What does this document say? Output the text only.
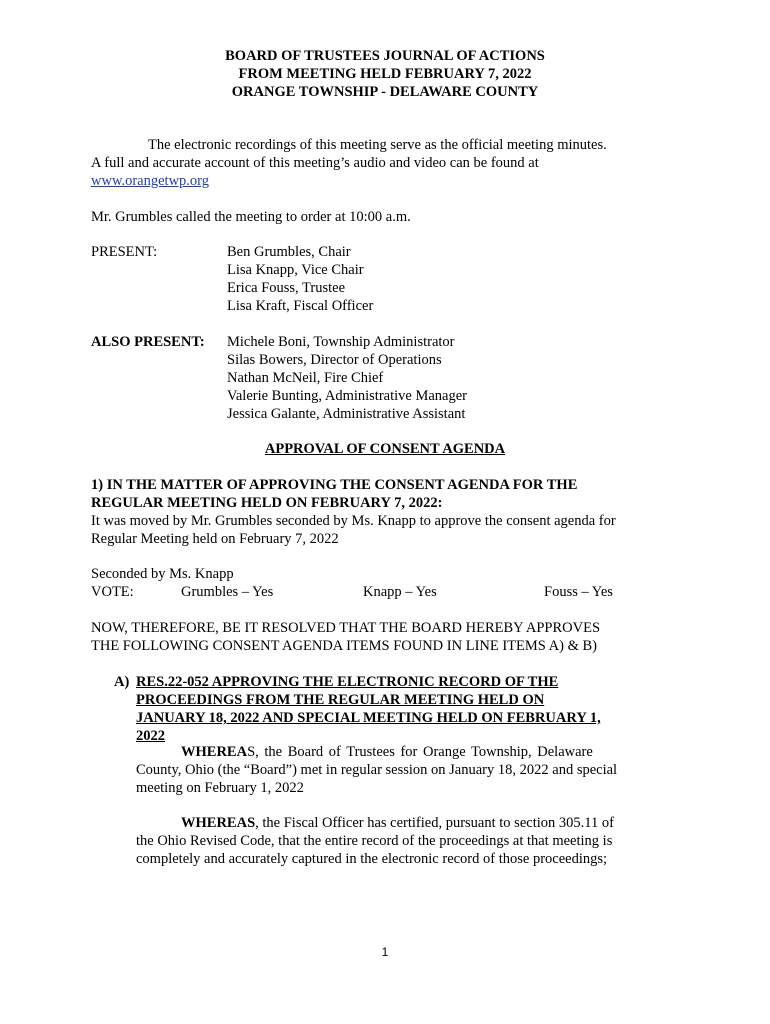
BOARD OF TRUSTEES JOURNAL OF ACTIONS
FROM MEETING HELD FEBRUARY 7, 2022
ORANGE TOWNSHIP - DELAWARE COUNTY
The electronic recordings of this meeting serve as the official meeting minutes.
A full and accurate account of this meeting’s audio and video can be found at
www.orangetwp.org
Mr. Grumbles called the meeting to order at 10:00 a.m.
PRESENT:	Ben Grumbles, Chair
Lisa Knapp, Vice Chair
Erica Fouss, Trustee
Lisa Kraft, Fiscal Officer
ALSO PRESENT: Michele Boni, Township Administrator
Silas Bowers, Director of Operations
Nathan McNeil, Fire Chief
Valerie Bunting, Administrative Manager
Jessica Galante, Administrative Assistant
APPROVAL OF CONSENT AGENDA
1) IN THE MATTER OF APPROVING THE CONSENT AGENDA FOR THE
REGULAR MEETING HELD ON FEBRUARY 7, 2022:
It was moved by Mr. Grumbles seconded by Ms. Knapp to approve the consent agenda for
Regular Meeting held on February 7, 2022
Seconded by Ms. Knapp
VOTE:	Grumbles – Yes	Knapp – Yes	Fouss – Yes
NOW, THEREFORE, BE IT RESOLVED THAT THE BOARD HEREBY APPROVES
THE FOLLOWING CONSENT AGENDA ITEMS FOUND IN LINE ITEMS A) & B)
A) RES.22-052 APPROVING THE ELECTRONIC RECORD OF THE
PROCEEDINGS FROM THE REGULAR MEETING HELD ON
JANUARY 18, 2022 AND SPECIAL MEETING HELD ON FEBRUARY 1,
2022
WHEREAS, the Board of Trustees for Orange Township, Delaware
County, Ohio (the “Board”) met in regular session on January 18, 2022 and special
meeting on February 1, 2022
WHEREAS, the Fiscal Officer has certified, pursuant to section 305.11 of
the Ohio Revised Code, that the entire record of the proceedings at that meeting is
completely and accurately captured in the electronic record of those proceedings;
1
